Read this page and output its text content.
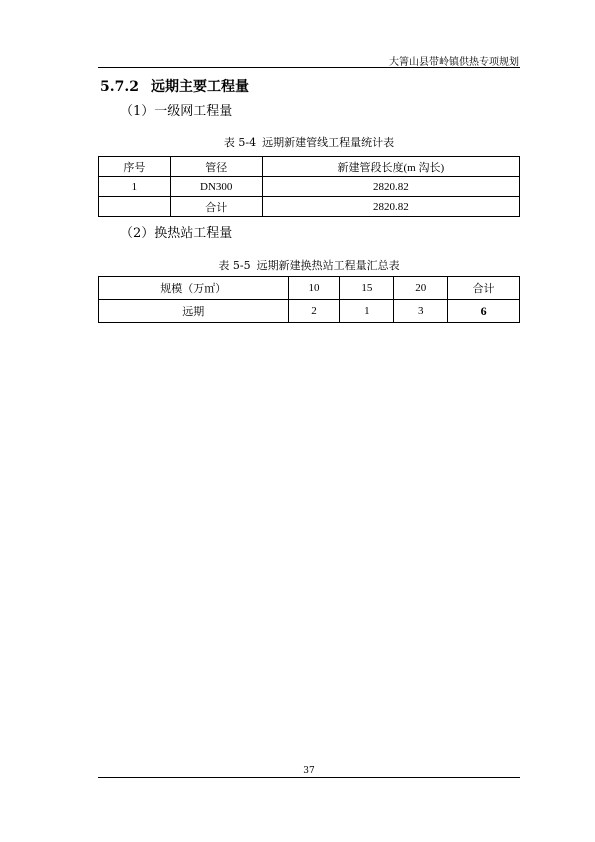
大箐山县带岭镇供热专项规划
5.7.2 远期主要工程量
（1）一级网工程量
表 5-4 远期新建管线工程量统计表
序号	管径	新建管段长度(m 沟长)
1	DN300	2820.82
	合计	2820.82
（2）换热站工程量
表 5-5 远期新建换热站工程量汇总表
规模（万㎡）	10	15	20	合计
远期	2	1	3	6
37
